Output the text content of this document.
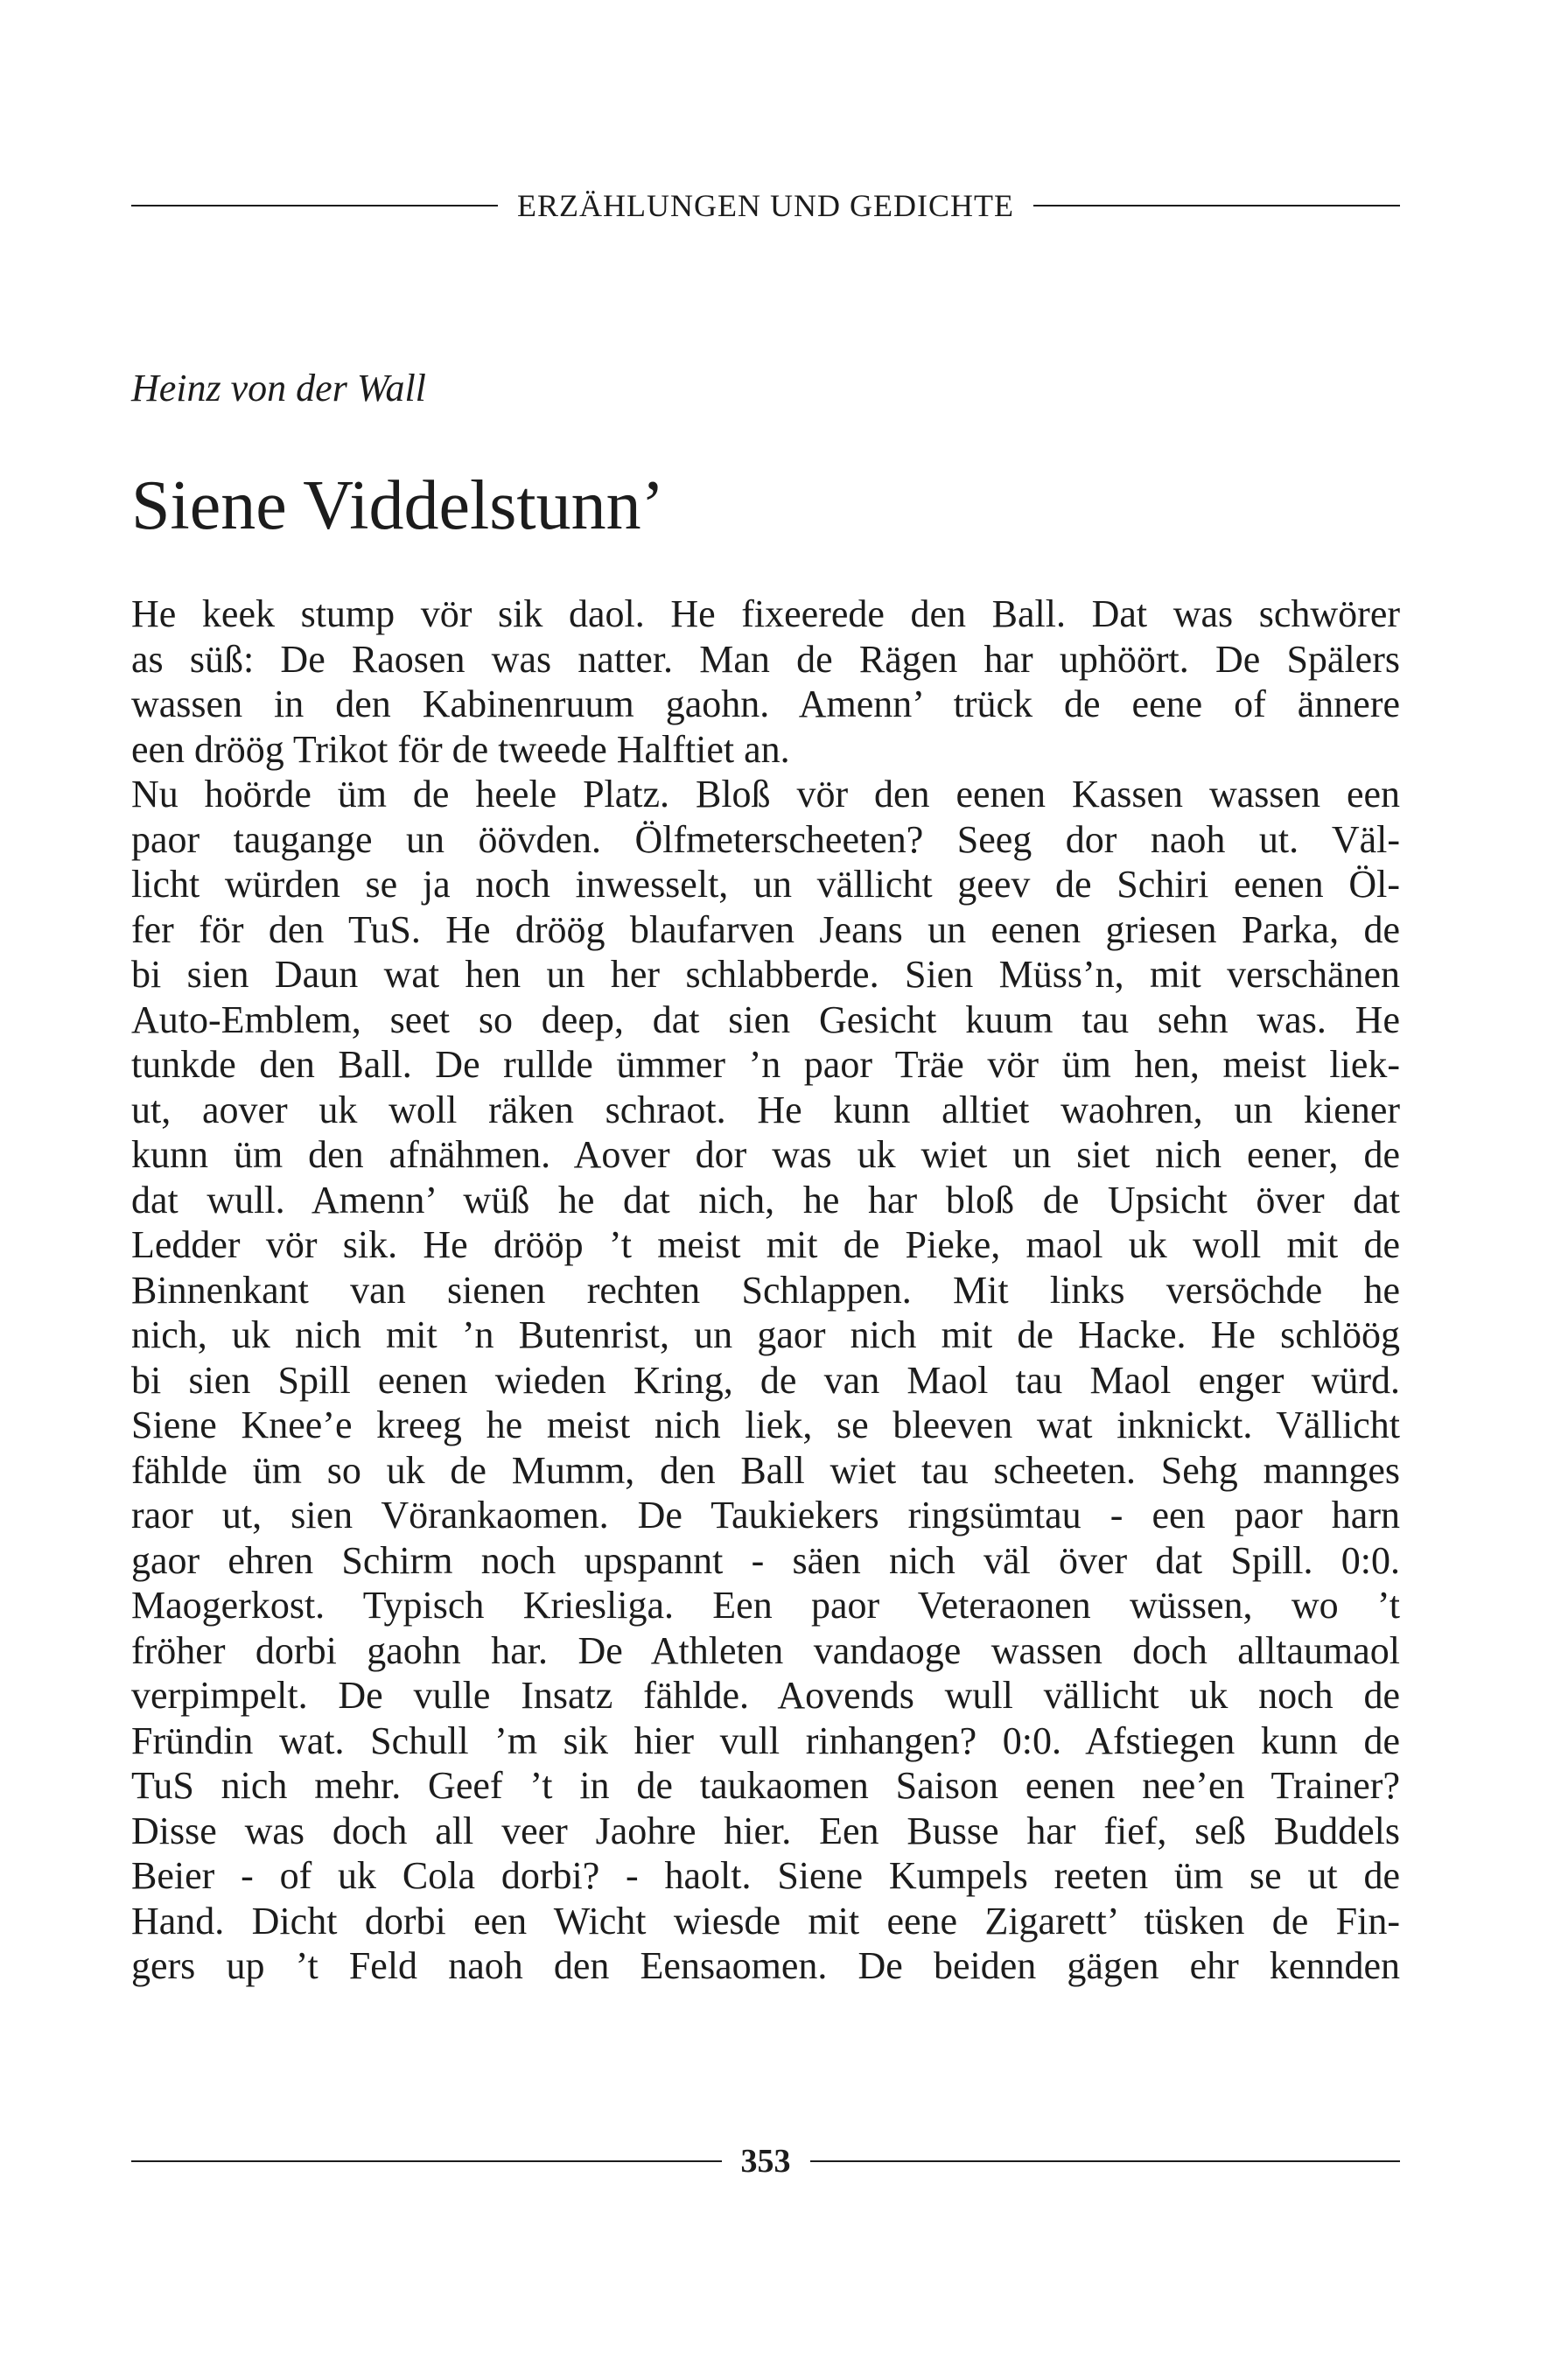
ERZÄHLUNGEN UND GEDICHTE
Heinz von der Wall
Siene Viddelstunn’
He keek stump vör sik daol. He fixeerede den Ball. Dat was schwörer
as süß: De Raosen was natter. Man de Rägen har uphöört. De Spälers
wassen in den Kabinenruum gaohn. Amenn’ trück de eene of ännere
een dröög Trikot för de tweede Halftiet an.
Nu hoörde üm de heele Platz. Bloß vör den eenen Kassen wassen een
paor taugange un öövden. Ölfmeterscheeten? Seeg dor naoh ut. Väl-
licht würden se ja noch inwesselt, un vällicht geev de Schiri eenen Öl-
fer för den TuS. He dröög blaufarven Jeans un eenen griesen Parka, de
bi sien Daun wat hen un her schlabberde. Sien Müss’n, mit verschänen
Auto-Emblem, seet so deep, dat sien Gesicht kuum tau sehn was. He
tunkde den Ball. De rullde ümmer ’n paor Träe vör üm hen, meist liek-
ut, aover uk woll räken schraot. He kunn alltiet waohren, un kiener
kunn üm den afnähmen. Aover dor was uk wiet un siet nich eener, de
dat wull. Amenn’ wüß he dat nich, he har bloß de Upsicht över dat
Ledder vör sik. He drööp ’t meist mit de Pieke, maol uk woll mit de
Binnenkant van sienen rechten Schlappen. Mit links versöchde he
nich, uk nich mit ’n Butenrist, un gaor nich mit de Hacke. He schlöög
bi sien Spill eenen wieden Kring, de van Maol tau Maol enger würd.
Siene Knee’e kreeg he meist nich liek, se bleeven wat inknickt. Vällicht
fählde üm so uk de Mumm, den Ball wiet tau scheeten. Sehg mannges
raor ut, sien Vörankaomen. De Taukiekers ringsümtau - een paor harn
gaor ehren Schirm noch upspannt - säen nich väl över dat Spill. 0:0.
Maogerkost. Typisch Kriesliga. Een paor Veteraonen wüssen, wo ’t
fröher dorbi gaohn har. De Athleten vandaoge wassen doch alltaumaol
verpimpelt. De vulle Insatz fählde. Aovends wull vällicht uk noch de
Fründin wat. Schull ’m sik hier vull rinhangen? 0:0. Afstiegen kunn de
TuS nich mehr. Geef ’t in de taukaomen Saison eenen nee’en Trainer?
Disse was doch all veer Jaohre hier. Een Busse har fief, seß Buddels
Beier - of uk Cola dorbi? - haolt. Siene Kumpels reeten üm se ut de
Hand. Dicht dorbi een Wicht wiesde mit eene Zigarett’ tüsken de Fin-
gers up ’t Feld naoh den Eensaomen. De beiden gägen ehr kennden
353
